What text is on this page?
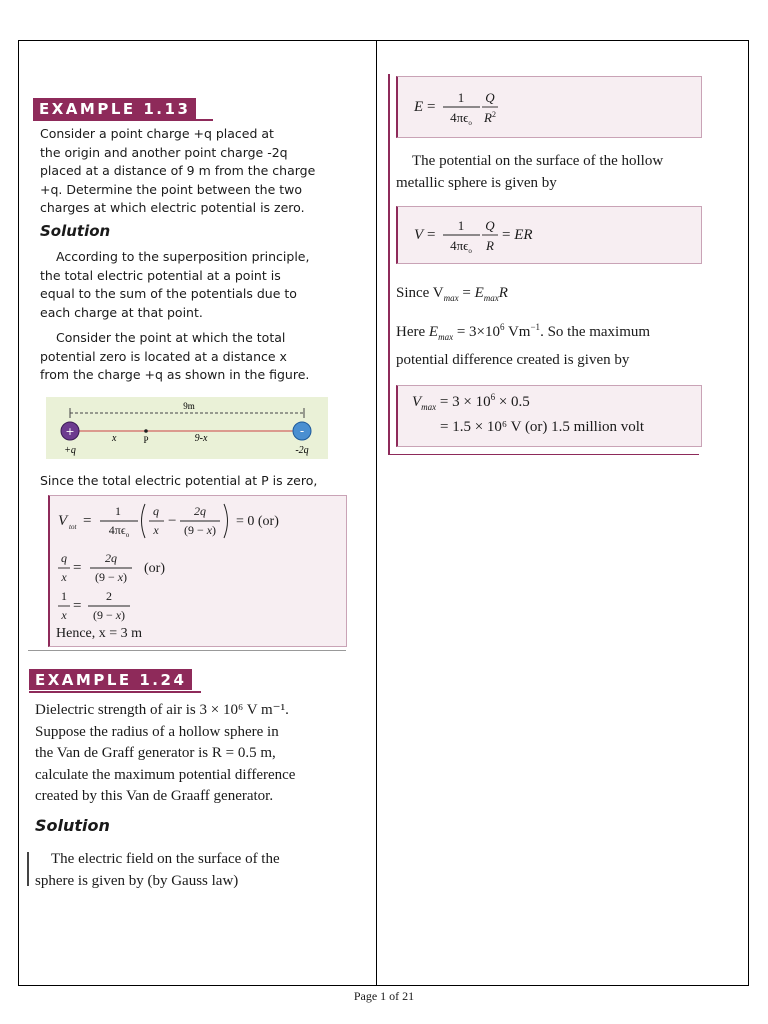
EXAMPLE 1.13
Consider a point charge +q placed at
the origin and another point charge -2q
placed at a distance of 9 m from the charge
+q. Determine the point between the two
charges at which electric potential is zero.
Solution
According to the superposition principle,
the total electric potential at a point is
equal to the sum of the potentials due to
each charge at that point.
Consider the point at which the total
potential zero is located at a distance x
from the charge +q as shown in the figure.
9m
+	-
x	P	9-x
+q	-2q
Since the total electric potential at P is zero,
V tot =
1
$4\pi\epsilon_o$
q
x
−
2q
(9 − x)
= 0 (or)
q
x
=
2q
(9 − x)
(or)
1
x
=
2
(9 − x)
Hence, x = 3 m
EXAMPLE 1.24
Dielectric strength of air is 3 × 10⁶ V m⁻¹.
Suppose the radius of a hollow sphere in
the Van de Graff generator is R = 0.5 m,
calculate the maximum potential difference
created by this Van de Graaff generator.
Solution
The electric field on the surface of the
sphere is given by (by Gauss law)
E =
1
$4\pi\epsilon_o$
Q
$R^2$
The potential on the surface of the hollow
metallic sphere is given by
V =
1
$4\pi\epsilon_o$
Q
R
= ER
Since $V_{max} = E_{max}R$
Here $E_{max} = 3\times 10^6$ $Vm^{-1}$. So the maximum
potential difference created is given by
$V_{max} = 3 \times 10^6 \times 0.5$
= 1.5 × 10⁶ V (or) 1.5 million volt
Page 1 of 21
